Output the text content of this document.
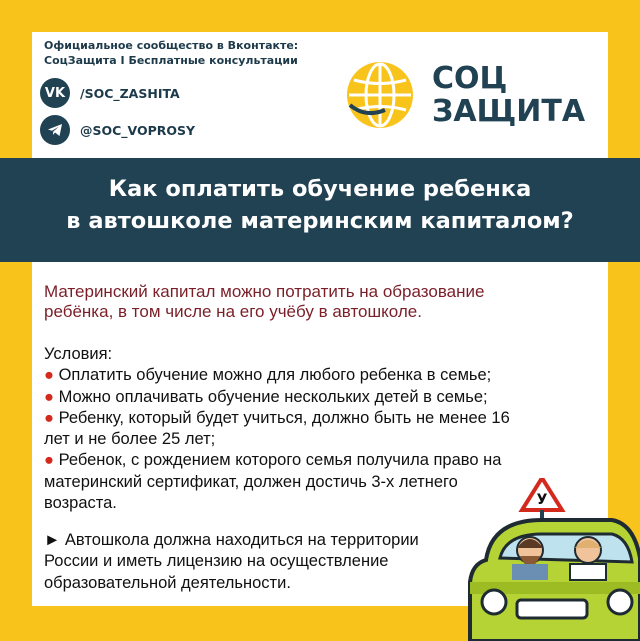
Официальное сообщество в Вконтакте:
СоцЗащита I Бесплатные консультации
VK	/SOC_ZASHITA
@SOC_VOPROSY
СОЦ
ЗАЩИТА
Как оплатить обучение ребенка
в автошколе материнским капиталом?
Материнский капитал можно потратить на образование
ребёнка, в том числе на его учёбу в автошколе.
Условия:
● Оплатить обучение можно для любого ребенка в семье;
● Можно оплачивать обучение нескольких детей в семье;
● Ребенку, который будет учиться, должно быть не менее 16
лет и не более 25 лет;
● Ребенок, с рождением которого семья получила право на
материнский сертификат, должен достичь 3-х летнего
возраста.
► Автошкола должна находиться на территории
России и иметь лицензию на осуществление
образовательной деятельности.
У
